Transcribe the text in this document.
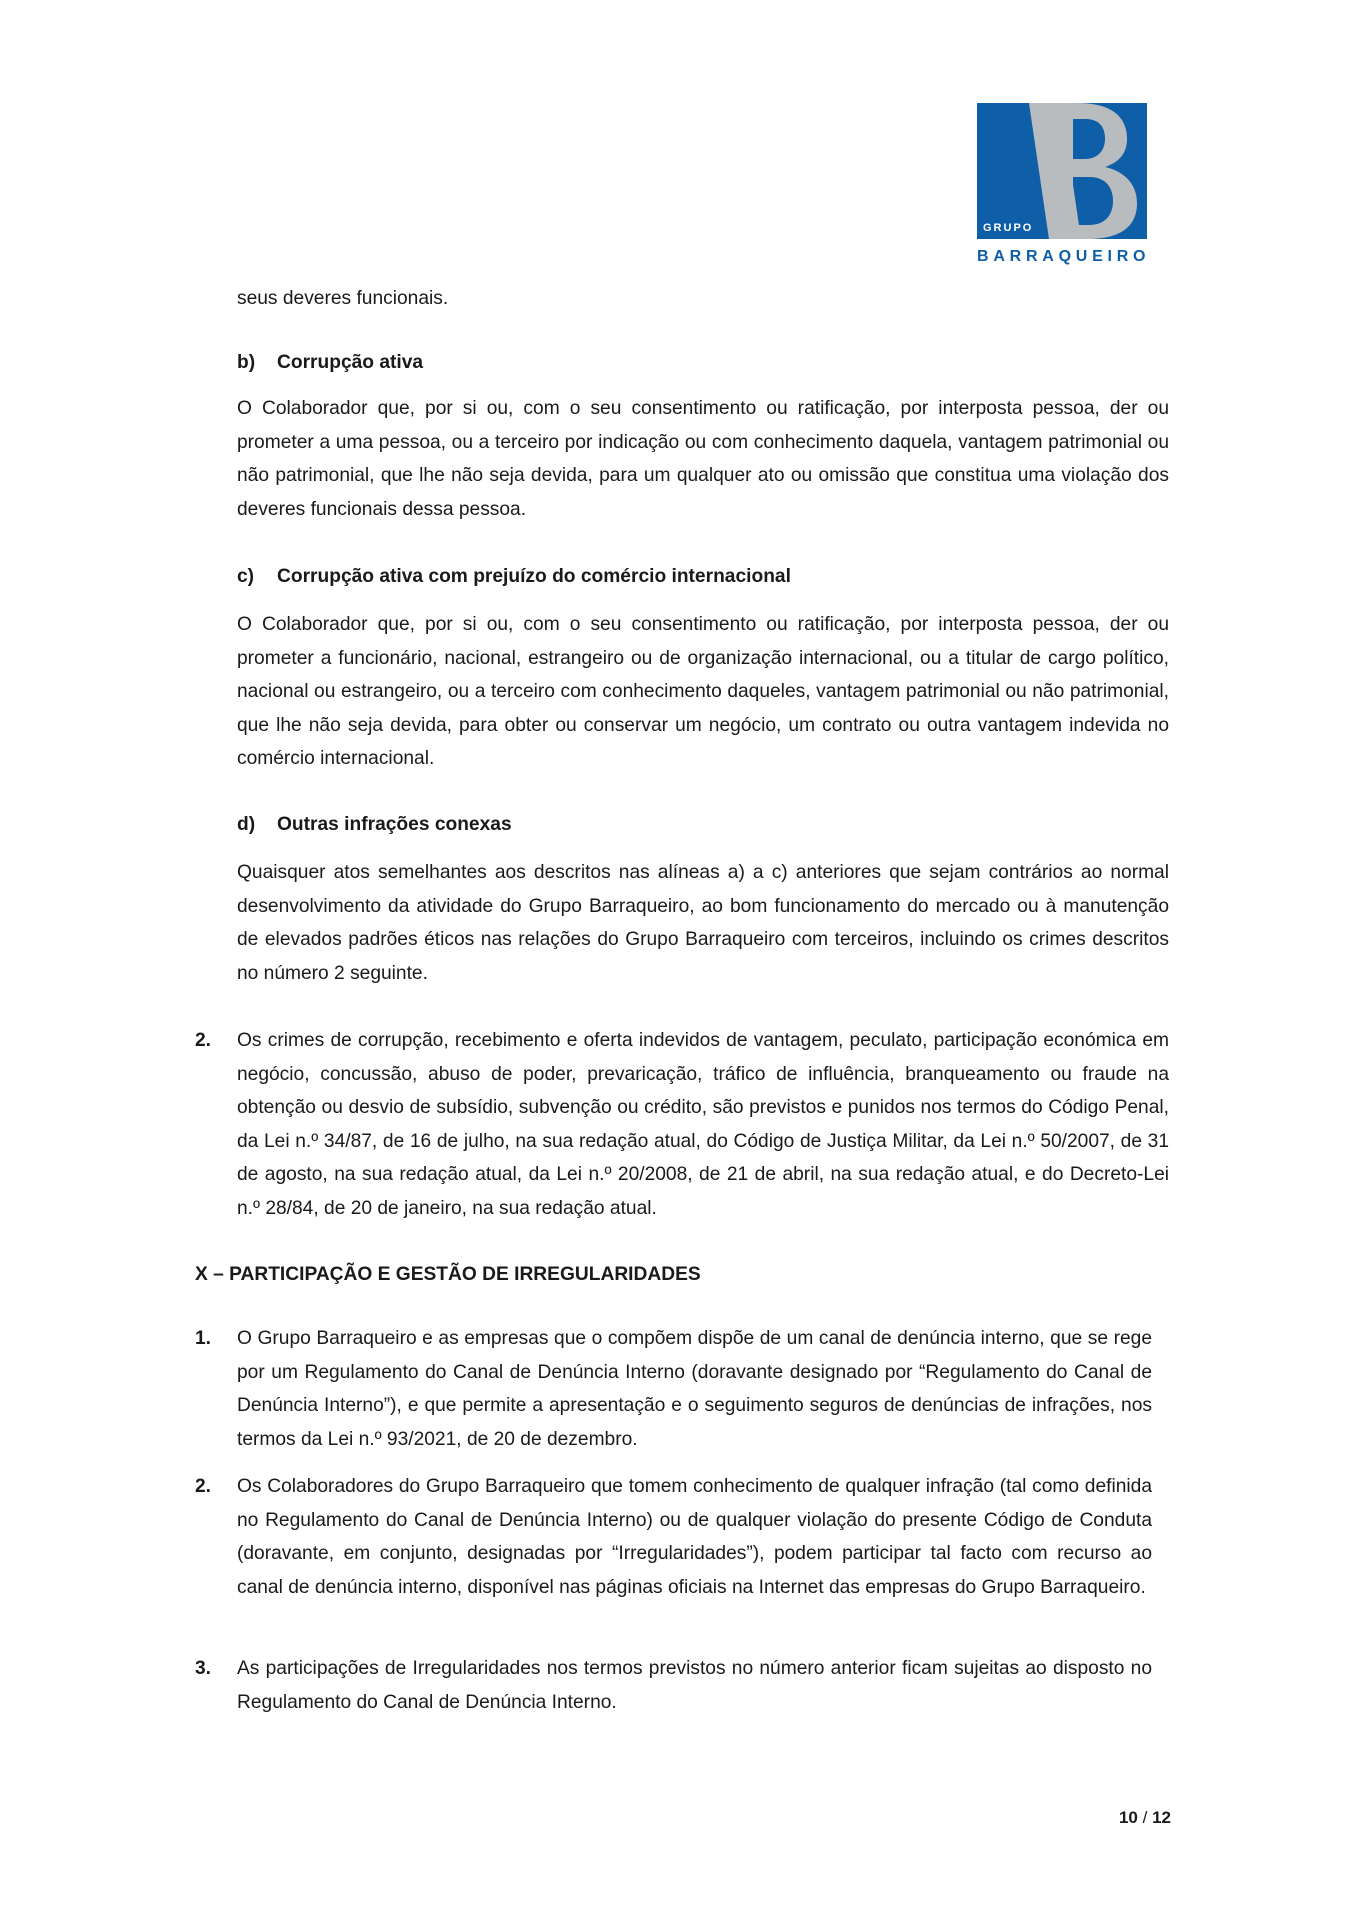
GRUPO
BARRAQUEIRO

seus deveres funcionais.

b) Corrupção ativa

O Colaborador que, por si ou, com o seu consentimento ou ratificação, por interposta pessoa, der ou prometer a uma pessoa, ou a terceiro por indicação ou com conhecimento daquela, vantagem patrimonial ou não patrimonial, que lhe não seja devida, para um qualquer ato ou omissão que constitua uma violação dos deveres funcionais dessa pessoa.

c) Corrupção ativa com prejuízo do comércio internacional

O Colaborador que, por si ou, com o seu consentimento ou ratificação, por interposta pessoa, der ou prometer a funcionário, nacional, estrangeiro ou de organização internacional, ou a titular de cargo político, nacional ou estrangeiro, ou a terceiro com conhecimento daqueles, vantagem patrimonial ou não patrimonial, que lhe não seja devida, para obter ou conservar um negócio, um contrato ou outra vantagem indevida no comércio internacional.

d) Outras infrações conexas

Quaisquer atos semelhantes aos descritos nas alíneas a) a c) anteriores que sejam contrários ao normal desenvolvimento da atividade do Grupo Barraqueiro, ao bom funcionamento do mercado ou à manutenção de elevados padrões éticos nas relações do Grupo Barraqueiro com terceiros, incluindo os crimes descritos no número 2 seguinte.

2.	Os crimes de corrupção, recebimento e oferta indevidos de vantagem, peculato, participação económica em negócio, concussão, abuso de poder, prevaricação, tráfico de influência, branqueamento ou fraude na obtenção ou desvio de subsídio, subvenção ou crédito, são previstos e punidos nos termos do Código Penal, da Lei n.º 34/87, de 16 de julho, na sua redação atual, do Código de Justiça Militar, da Lei n.º 50/2007, de 31 de agosto, na sua redação atual, da Lei n.º 20/2008, de 21 de abril, na sua redação atual, e do Decreto-Lei n.º 28/84, de 20 de janeiro, na sua redação atual.

X – PARTICIPAÇÃO E GESTÃO DE IRREGULARIDADES
1.	O Grupo Barraqueiro e as empresas que o compõem dispõe de um canal de denúncia interno, que se rege por um Regulamento do Canal de Denúncia Interno (doravante designado por “Regulamento do Canal de Denúncia Interno”), e que permite a apresentação e o seguimento seguros de denúncias de infrações, nos termos da Lei n.º 93/2021, de 20 de dezembro.

2.	Os Colaboradores do Grupo Barraqueiro que tomem conhecimento de qualquer infração (tal como definida no Regulamento do Canal de Denúncia Interno) ou de qualquer violação do presente Código de Conduta (doravante, em conjunto, designadas por “Irregularidades”), podem participar tal facto com recurso ao canal de denúncia interno, disponível nas páginas oficiais na Internet das empresas do Grupo Barraqueiro.

3.	As participações de Irregularidades nos termos previstos no número anterior ficam sujeitas ao disposto no Regulamento do Canal de Denúncia Interno.

10 / 12
